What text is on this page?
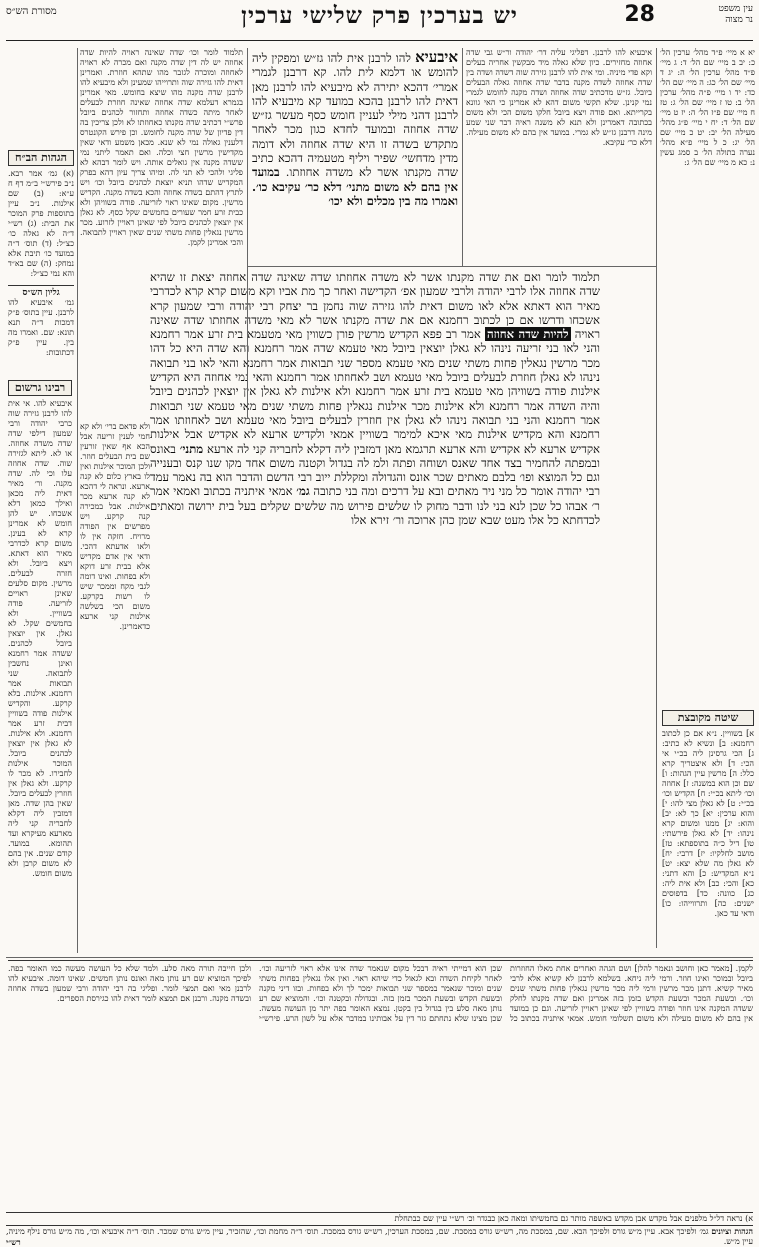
עין משפט
נר מצוה
28
יש בערכין פרק שלישי ערכין
מסורת הש״ס
יא א מיי׳ פ״ד מהל׳ ערכין הל׳ כ: יב ב מיי׳ שם הל׳ ד: ג מיי׳ פ״ד מהל׳ ערכין הל׳ ה: יג ד מיי׳ שם הל׳ כג: ה מיי׳ שם הל׳ כד: יד ו מיי׳ פ״ה מהל׳ ערכין הל׳ ב: טו ז מיי׳ שם הל׳ ג: טז ח מיי׳ שם פ״ז הל׳ ה: יז ט מיי׳ שם הל׳ ד: יח י מיי׳ פ״ג מהל׳ מעילה הל׳ יב: יט כ מיי׳ שם הל׳ יג: כ ל מיי׳ פ״א מהל׳ נערה בתולה הל׳ ב סמג עשין נ: כא מ מיי׳ שם הל׳ ג:
איבעיא להו לרבנן. דפליגי עליה דר׳ יהודה ור״ש גבי שדה אחוזה מחזירים. כיון שלא גאלה מיד מבקשין אחריה בעלים וקא פדי מיניה. ומי אית להו לרבנן גזירה שוה דשדה ושדה בין שדה אחוזה לשדה מקנה בדבר שדה אחוזה גאלה הבעלים ביובל. גז״ש מדכתיב שדה אחוזה ושדה מקנה לחומש לגמרי נמי קנינן. שלא תקשי משום דהא לא אמרינן כי האי גוונא בקרייתא. ואם פודה ויצא ביובל חלקו משום הכי ולא משום בכתובה דאמרינן ולא תנא לא משנה ראיה דבר שני שמע מינה דרבנן גז״ש לא גמרי. במועד אין בהם לא משום מעילה. דלא כר׳ עקיבא.
איבעיא להו לרבנן אית להו גז״ש ומפקין ליה להומש או דלמא לית להו. קא דרבנן לגמרי אמרי׳ דהכא יתירה לא מיבעיא להו לרבנן מאן דאית להו לרבנן בהכא במועד קא מיבעיא להו לרבנן דהני מילי לעניין חומש כסף מעשר גז״ש שדה אחוזה ובמועד לחדא כגון מכר לאחר מתקדש בשדה זו היא שדה אחוזה ולא דומה מדין מדחשי׳ שפיר ויליף מטעמיה דהכא כתיב שדה מקנתו אשר לא משדה אחוזתו. במועד אין בהם לא משום מתני׳ דלא כר׳ עקיבא כו׳. ואמרו מה בין מכלים ולא יכו׳
תלמוד לומר ואם את שדה מקנתו אשר לא משדה אחוזתו שדה שאינה שדה אחוזה יצאת זו שהיא שדה אחוזה אלו לרבי יהודה ולרבי שמעון אפ׳ הקדישה ואחר כך מת אביו וקא משום קרא קרא לכדרבי מאיר הוא דאתא אלא לאו משום דאית להו גזירה שוה נחמן בר יצחק רבי יהודה ורבי שמעון קרא אשכחו ודרשו אם כן לכתוב רחמנא אם את שדה מקנתו אשר לא מאי משדה אחוזתו שדה שאינה ראויה להיות שדה אחוזה אמר רב פפא הקדיש מרשין פורן כשווין מאי מטעמא בית זרע אמר רחמנא והני לאו בני זריעה נינהו לא גאלן יוצאין ביובל מאי טעמא שדה אמר רחמנא והא שדה היא כל דהו מכר מרשין נגאלין פחות משתי שנים מאי טעמא מספר שני תבואות אמר רחמנא והאי לאו בני תבואה נינהו לא גאלן חוזרת לבעלים ביובל מאי טעמא ושב לאחוזתו אמר רחמנא והאי נמי אחוזה היא הקדיש אילנות פודה בשוויהן מאי טעמא בית זרע אמר רחמנא ולא אילנות לא גאלן אין יוצאין לכהנים ביובל והיה השדה אמר רחמנא ולא אילנות מכר אילנות נגאלין פחות משתי שנים מאי טעמא שני תבואות אמר רחמנא והני בני תבואה נינהו לא גאלן אין חוזרין לבעלים ביובל מאי טעמא ושב לאחוזתו אמר רחמנא והא מקדיש אילנות מאי איכא למימר בשוויין אמאי ולקדיש ארעא לא אקדיש אבל אילנות אקדיש ארעא לא אקדיש והא ארעא תרגמא מאן דמזבין ליה דקלא לחבריה קני לה ארעא מתני׳ באונס ובמפתה להחמיר בצד אחד שאנס ושוחה ופתה ולמ לה בגדול וקטנה משום אחד מקו שנו קנס ובענייה וגם כל המוצא ופו׳ בלבם מאתים שכר אונס והגדולה ומקללת ייוב רבי הדשם והדבר הוא בה נאמר עמד רבי יהודה אומר כל מני ניר מאתים ובא על דרכים ומה בני כתובה גמ׳ אמאי איתניה בכתוב ואמאי אמר ר׳ אבהו כל שכן לנא בני לנו ודבר מחוק לו שלשים פירוש מה שלשים שקלים בעל בית ירושה ומאתים לכדחתא כל אלו מעט שבא שמן כהן ארוכה ור׳ זירא אלו
תלמוד לומר וכו׳ שדה שאינה ראויה להיות שדה אחוזה יש לה דין שדה מקנה ואם מכרה לא ראויה לאחוזה ומוכרה לגזבר מהו שתהא חוזרת. ואמרינן דאית להו גזירה שוה ותרוייהו שמעינן ולא מיבעיא להו לרבנן שדה מקנה מהו שיצא בחומש. מאי אמרינן בגמרא דעלמא שדה אחוזה שאינה חוזרת לבעלים לאחר מיתה כשדה אחוזה ותחזור לכהנים ביובל פרש״י דכתיב שדה מקנתו כאחוזתו לא ולכן צריכין בה דין פדיון של שדה מקנה לחומש. וכן פירש הקונטרס דלענין גאולה נמי לא שנא. מכאן משמע ודאי שאין מקדישין מרשין חצי וכלה. ואם תאמר ליתני נמי ששדה מקנה אין גואלים אותה. ויש לומר דבהא לא פליגי ולהכי לא תני לה. ומיהו צריך עיון דהא בפרק המקדיש שדהו תניא יוצאת לכהנים ביובל וכו׳ ויש לתרץ דהתם בשדה אחוזה והכא בשדה מקנה. הקדיש מרשין. מקום שאינו ראוי לזריעה. פודה בשוויהן ולא כבית זרע חמר שעורים בחמשים שקל כסף. לא גאלן אין יוצאין לכהנים ביובל לפי שאינן ראויין לזרוע. מכר מרשין נגאלין פחות משתי שנים שאין ראויין לתבואה. והכי אמרינן לקמן.
ולא פדאם ברי׳ ולא קא חמי לענין זריעה אבל הכא אף שאין זורעין שם בית הבעלים חוזר. ולכן המוכר אילנות ואין לו בארץ כלום לא קנה ארעא. ונראה לי דהכא לא קנה ארעא מכר אילנות. אבל במכירה קנה קרקע. ויש מפרשים אין הפודה מרויח. חזקה אין לו ולאו אדעתא דהכי. ודאי אין אדם מקדיש אלא בבית זרע דוקא ולא בפחות. ואינו דומה לגבי מקח וממכר שיש לו רשות בקרקע. משום הכי בשלשה אילנות קני ארעא כדאמרינן.
הגהות הב״ח
(א) גמ׳ אמר רבא. נ״ב פירש״י ב״מ דף ח ע״א: (ב) שם אילנות. נ״ב עיין בתוספות פרק המוכר את הבית: (ג) רש״י ד״ה לא גאלה כו׳ כצ״ל: (ד) תוס׳ ד״ה במועד כו׳ תיבת אלא נמחק: (ה) שם בא״ד והא נמי כצ״ל:
גליון הש״ס
גמ׳ איבעיא להו לרבנן. עיין בתוס׳ פ״ק דמכות ד״ה תנא תונא: שם. ואמרו מה בין. עיין פ״ק דכתובות:
רבינו גרשום
איבעיא להו. אי אית להו לרבנן גזירה שוה כרבי יהודה ורבי שמעון דילפי שדה שדה משדה אחוזה. או לא. ליתא לגזירה שוה. שדה אחוזה עלו וכי לה. שדה מקנה. ור׳ מאיר דאית ליה מכאן ואילך כמאן דלא אשכחו. יש להן חומש לא אמרינן קרא לא בעינן. משום קרא לכדרבי מאיר הוא דאתא. ויצא ביובל. ולא חזרה לבעלים. מרשין. מקום סלעים שאינן ראויים לזריעה. פודה בשוויין. ולא בחמשים שקל. לא גאלן. אין יוצאין ביובל לכהנים. ששדה אמר רחמנא ואינן נחשבין לתבואה. שני תבואות אמר רחמנא. אילנות. בלא קרקע. והקדיש אילנות פודה בשוויין דבית זרע אמר רחמנא. ולא אילנות. לא גאלן אין יוצאין לכהנים ביובל. המוכר אילנות לחבירו. לא מכר לו קרקע. ולא גאלן אין חוזרין לבעלים ביובל. שאין בהן שדה. מאן דמזבין ליה דקלא לחבריה קני ליה מארעא מעיקרא ועד תהומא. במועד. קודם שנים. אין בהם לא משום קרבן ולא משום חומש.
שיטה מקובצת
א] בשוויין. נ״א אם כן לכתוב רחמנא: ב] ונשיא לא כתיב: ג] הכי גרסינן ליה בכ״י אי הכי: ד] ולא איצטריך קרא כלל: ה] מרשין עיין הגהות: ו] שם וכן הוא במשנה: ז] אחוזה וכו׳ ליתא בכ״י: ח] הקדיש וכו׳ בכ״י: ט] לא גאלן מצי להו: י] והוא ערכין: יא] כך לא: יב] והוא: יג] ממנו ומשום קרא נינהו: יד] לא גאלן פירשתי: טו] דיל כ״ה בתוספתא: טז] מושב לחלקיו: יז] דרבי: יח] לא גאלן מה שלא יצא: יט] נ״א המקדיש: כ] והא דתני: כא] והכי: כב] ולא אית ליה: כג] כוונה: כד] בדפוסים ישנים: כה] ותרווייהו: כו] ודאי עד כאן.
לקמן. [מאמר כאן וחושב ונאמר להלן] ושם הגהה ואחרים אחת מאלו החוזרות ביובל ובמוכר ואינו חוזר. ורמי ליה ניחא. בשלמא לרבנן לא קשיא אלא לרבי מאיר קשיא. דתנן מכר מרשין ורמי ליה מכר מרשין נגאלין פחות משתי שנים וכו׳. ובשעת המכר ובשעת הקדש בזמן בזה אמרינן ואם שדה מקנתו לחלק ששדה המקנה אינו חוזר ופודה בשוויין לפי שאינן ראויין לזריעה. וגם כן במועד אין בהם לא משום מעילה ולא משום תשלומי חומש. אמאי איתניה בכתוב כל שכן הוא דמייתי ראיה דבכל מקום שנאמר שדה אינו אלא ראוי לזריעה וכו׳. לאחר לקיחת השדה ובא לגאול כדי שיהא ראוי. ואין אלו נגאלין בפחות משתי שנים ומוכר שנאמר במספר שני תבואות ימכר לך ולא בפחות. ובזו דיני מקנה ובשעת הקדש ובשעת המכר בזמן בזה. ובגדולה ובקטנה וכו׳. והמוציא שם רע נותן מאה סלע בין בגדול בין בקטן. נמצא האומר בפה יתר מן העושה מעשה. שכן מצינו שלא נתחתם גזר דין על אבותינו במדבר אלא על לשון הרע. פירש״י ולכן חייבה תורה מאה סלע. ולמד שלא כל העושה מעשה כמו האומר בפה. לפיכך המוציא שם רע נותן מאה ואונס נותן חמשים. שאינו דומה. איבעיא להו לרבנן מאי ואם תמצי לומר. ופליגי בה רבי יהודה ורבי שמעון בשדה אחוזה ובשדה מקנה. ורבנן אם תמצא לומר דאית להו כגירסת הספרים.
א) נראה דל״ל מלפנים אבל מקדש אבן מקדש באשפה מותר גם בחמשיתו ומאה כאן כבגדר וכ׳ רש״י עיין שם כבתחלת
הגהות וציונים גמ׳ ולפיכך אבא. עיין מ״ש גורס ולפיכך הבא. שם, במסכת מה, רש״ש גורס במסכת. שם, במסכת הערכין, רש״ש גורס במסכת. תוס׳ ד״ה מחמת וכו׳, שהזכיר, עיין מ״ש גורס שמכר. תוס׳ ד״ה איבעיא וכו׳, מה מ״ש גורס נילף מיניה, עיין מ״ש.
רש״י
